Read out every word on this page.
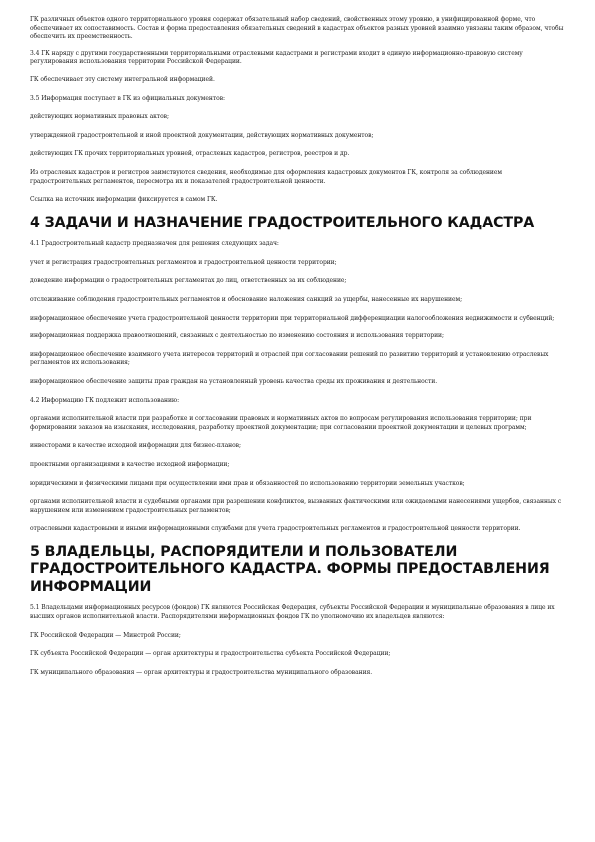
ГК различных объектов одного территориального уровня содержат обязательный набор сведений, свойственных этому уровню, в унифицированной форме, что обеспечивает их сопоставимость. Состав и форма предоставления обязательных сведений в кадастрах объектов разных уровней взаимно увязаны таким образом, чтобы обеспечить их преемственность.

3.4 ГК наряду с другими государственными территориальными отраслевыми кадастрами и регистрами входит в единую информационно-правовую систему регулирования использования территории Российской Федерации.

ГК обеспечивает эту систему интегральной информацией.

3.5 Информация поступает в ГК из официальных документов:

действующих нормативных правовых актов;

утвержденной градостроительной и иной проектной документации, действующих нормативных документов;

действующих ГК прочих территориальных уровней, отраслевых кадастров, регистров, реестров и др.

Из отраслевых кадастров и регистров заимствуются сведения, необходимые для оформления кадастровых документов ГК, контроля за соблюдением градостроительных регламентов, пересмотра их и показателей градостроительной ценности.

Ссылка на источник информации фиксируется в самом ГК.

4 ЗАДАЧИ И НАЗНАЧЕНИЕ ГРАДОСТРОИТЕЛЬНОГО КАДАСТРА

4.1 Градостроительный кадастр предназначен для решения следующих задач:

учет и регистрация градостроительных регламентов и градостроительной ценности территории;

доведение информации о градостроительных регламентах до лиц, ответственных за их соблюдение;

отслеживание соблюдения градостроительных регламентов и обоснование наложения санкций за ущербы, нанесенные их нарушением;

информационное обеспечение учета градостроительной ценности территории при территориальной дифференциации налогообложения недвижимости и субвенций;

информационная поддержка правоотношений, связанных с деятельностью по изменению состояния и использования территории;

информационное обеспечение взаимного учета интересов территорий и отраслей при согласовании решений по развитию территорий и установлению отраслевых регламентов их использования;

информационное обеспечение защиты прав граждан на установленный уровень качества среды их проживания и деятельности.

4.2 Информацию ГК подлежит использованию:

органами исполнительной власти при разработке и согласовании правовых и нормативных актов по вопросам регулирования использования территории; при формировании заказов на изыскания, исследования, разработку проектной документации; при согласовании проектной документации и целевых программ;

инвесторами в качестве исходной информации для бизнес-планов;

проектными организациями в качестве исходной информации;

юридическими и физическими лицами при осуществлении ими прав и обязанностей по использованию территории земельных участков;

органами исполнительной власти и судебными органами при разрешении конфликтов, вызванных фактическими или ожидаемыми нанесениями ущербов, связанных с нарушением или изменением градостроительных регламентов;

отраслевыми кадастровыми и иными информационными службами для учета градостроительных регламентов и градостроительной ценности территории.

5 ВЛАДЕЛЬЦЫ, РАСПОРЯДИТЕЛИ И ПОЛЬЗОВАТЕЛИ ГРАДОСТРОИТЕЛЬНОГО КАДАСТРА. ФОРМЫ ПРЕДОСТАВЛЕНИЯ ИНФОРМАЦИИ

5.1 Владельцами информационных ресурсов (фондов) ГК являются Российская Федерация, субъекты Российской Федерации и муниципальные образования в лице их высших органов исполнительной власти. Распорядителями информационных фондов ГК по уполномочию их владельцев являются:

ГК Российской Федерации — Минстрой России;

ГК субъекта Российской Федерации — орган архитектуры и градостроительства субъекта Российской Федерации;

ГК муниципального образования — орган архитектуры и градостроительства муниципального образования.
